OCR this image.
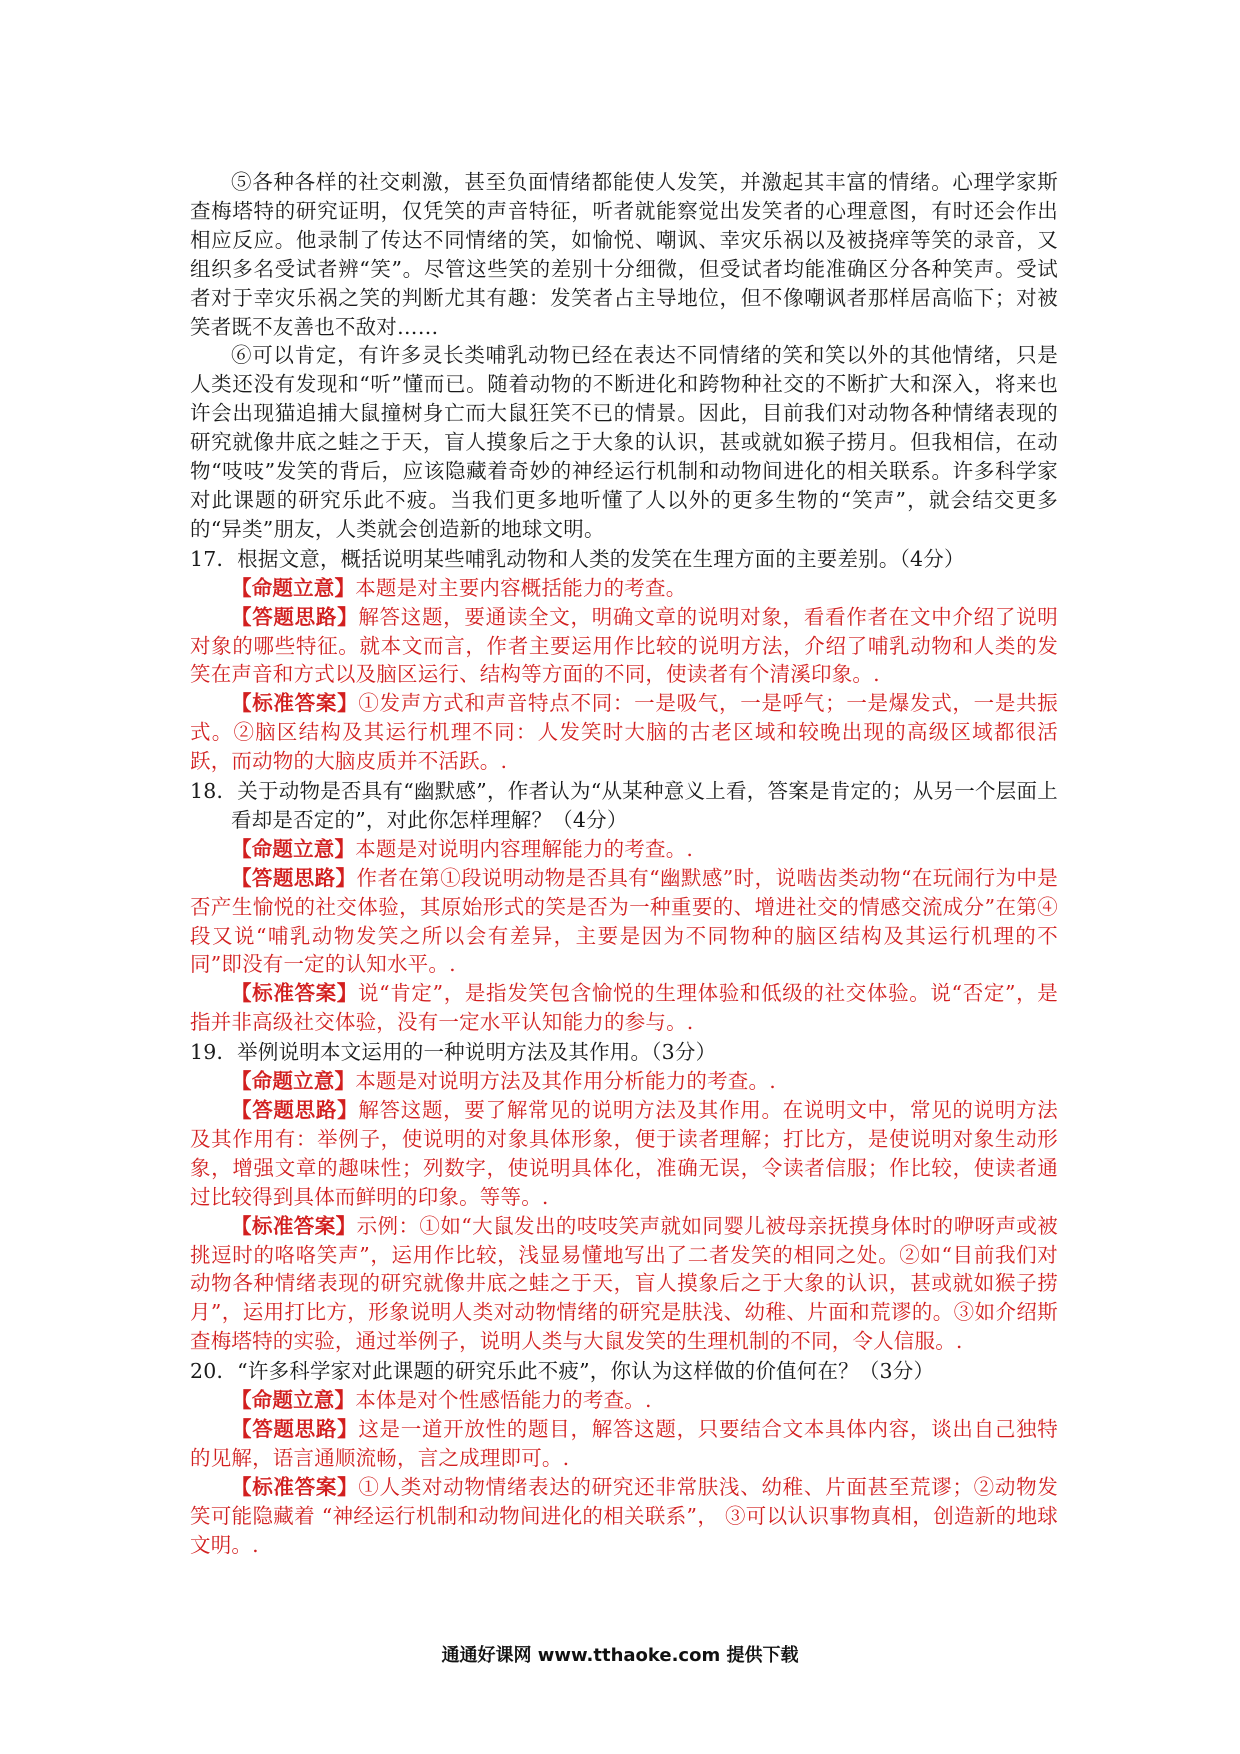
⑤各种各样的社交刺激，甚至负面情绪都能使人发笑，并激起其丰富的情绪。心理学家斯查梅塔特的研究证明，仅凭笑的声音特征，听者就能察觉出发笑者的心理意图，有时还会作出相应反应。他录制了传达不同情绪的笑，如愉悦、嘲讽、幸灾乐祸以及被挠痒等笑的录音，又组织多名受试者辨“笑”。尽管这些笑的差别十分细微，但受试者均能准确区分各种笑声。受试者对于幸灾乐祸之笑的判断尤其有趣：发笑者占主导地位，但不像嘲讽者那样居高临下；对被笑者既不友善也不敌对……

⑥可以肯定，有许多灵长类哺乳动物已经在表达不同情绪的笑和笑以外的其他情绪，只是人类还没有发现和“听”懂而已。随着动物的不断进化和跨物种社交的不断扩大和深入，将来也许会出现猫追捕大鼠撞树身亡而大鼠狂笑不已的情景。因此，目前我们对动物各种情绪表现的研究就像井底之蛙之于天，盲人摸象后之于大象的认识，甚或就如猴子捞月。但我相信，在动物“吱吱”发笑的背后，应该隐藏着奇妙的神经运行机制和动物间进化的相关联系。许多科学家对此课题的研究乐此不疲。当我们更多地听懂了人以外的更多生物的“笑声”，就会结交更多的“异类”朋友，人类就会创造新的地球文明。

17．根据文意，概括说明某些哺乳动物和人类的发笑在生理方面的主要差别。（4分）

【命题立意】本题是对主要内容概括能力的考查。

【答题思路】解答这题，要通读全文，明确文章的说明对象，看看作者在文中介绍了说明对象的哪些特征。就本文而言，作者主要运用作比较的说明方法，介绍了哺乳动物和人类的发笑在声音和方式以及脑区运行、结构等方面的不同，使读者有个清溪印象。.

【标准答案】①发声方式和声音特点不同：一是吸气，一是呼气；一是爆发式，一是共振式。②脑区结构及其运行机理不同：人发笑时大脑的古老区域和较晚出现的高级区域都很活跃，而动物的大脑皮质并不活跃。.

18．关于动物是否具有“幽默感”，作者认为“从某种意义上看，答案是肯定的；从另一个层面上看却是否定的”，对此你怎样理解？（4分）

【命题立意】本题是对说明内容理解能力的考查。.

【答题思路】作者在第①段说明动物是否具有“幽默感”时，说啮齿类动物“在玩闹行为中是否产生愉悦的社交体验，其原始形式的笑是否为一种重要的、增进社交的情感交流成分”在第④段又说“哺乳动物发笑之所以会有差异，主要是因为不同物种的脑区结构及其运行机理的不同”即没有一定的认知水平。.

【标准答案】说“肯定”，是指发笑包含愉悦的生理体验和低级的社交体验。说“否定”，是指并非高级社交体验，没有一定水平认知能力的参与。.

19．举例说明本文运用的一种说明方法及其作用。（3分）

【命题立意】本题是对说明方法及其作用分析能力的考查。.

【答题思路】解答这题，要了解常见的说明方法及其作用。在说明文中，常见的说明方法及其作用有：举例子，使说明的对象具体形象，便于读者理解；打比方，是使说明对象生动形象，增强文章的趣味性；列数字，使说明具体化，准确无误，令读者信服；作比较，使读者通过比较得到具体而鲜明的印象。等等。.

【标准答案】示例：①如“大鼠发出的吱吱笑声就如同婴儿被母亲抚摸身体时的咿呀声或被挑逗时的咯咯笑声”，运用作比较，浅显易懂地写出了二者发笑的相同之处。②如“目前我们对动物各种情绪表现的研究就像井底之蛙之于天，盲人摸象后之于大象的认识，甚或就如猴子捞月”，运用打比方，形象说明人类对动物情绪的研究是肤浅、幼稚、片面和荒谬的。③如介绍斯查梅塔特的实验，通过举例子，说明人类与大鼠发笑的生理机制的不同，令人信服。.

20．“许多科学家对此课题的研究乐此不疲”，你认为这样做的价值何在？（3分）

【命题立意】本体是对个性感悟能力的考查。.

【答题思路】这是一道开放性的题目，解答这题，只要结合文本具体内容，谈出自己独特的见解，语言通顺流畅，言之成理即可。.

【标准答案】①人类对动物情绪表达的研究还非常肤浅、幼稚、片面甚至荒谬；②动物发笑可能隐藏着 “神经运行机制和动物间进化的相关联系”， ③可以认识事物真相，创造新的地球文明。.

通通好课网 www.tthaoke.com 提供下载
